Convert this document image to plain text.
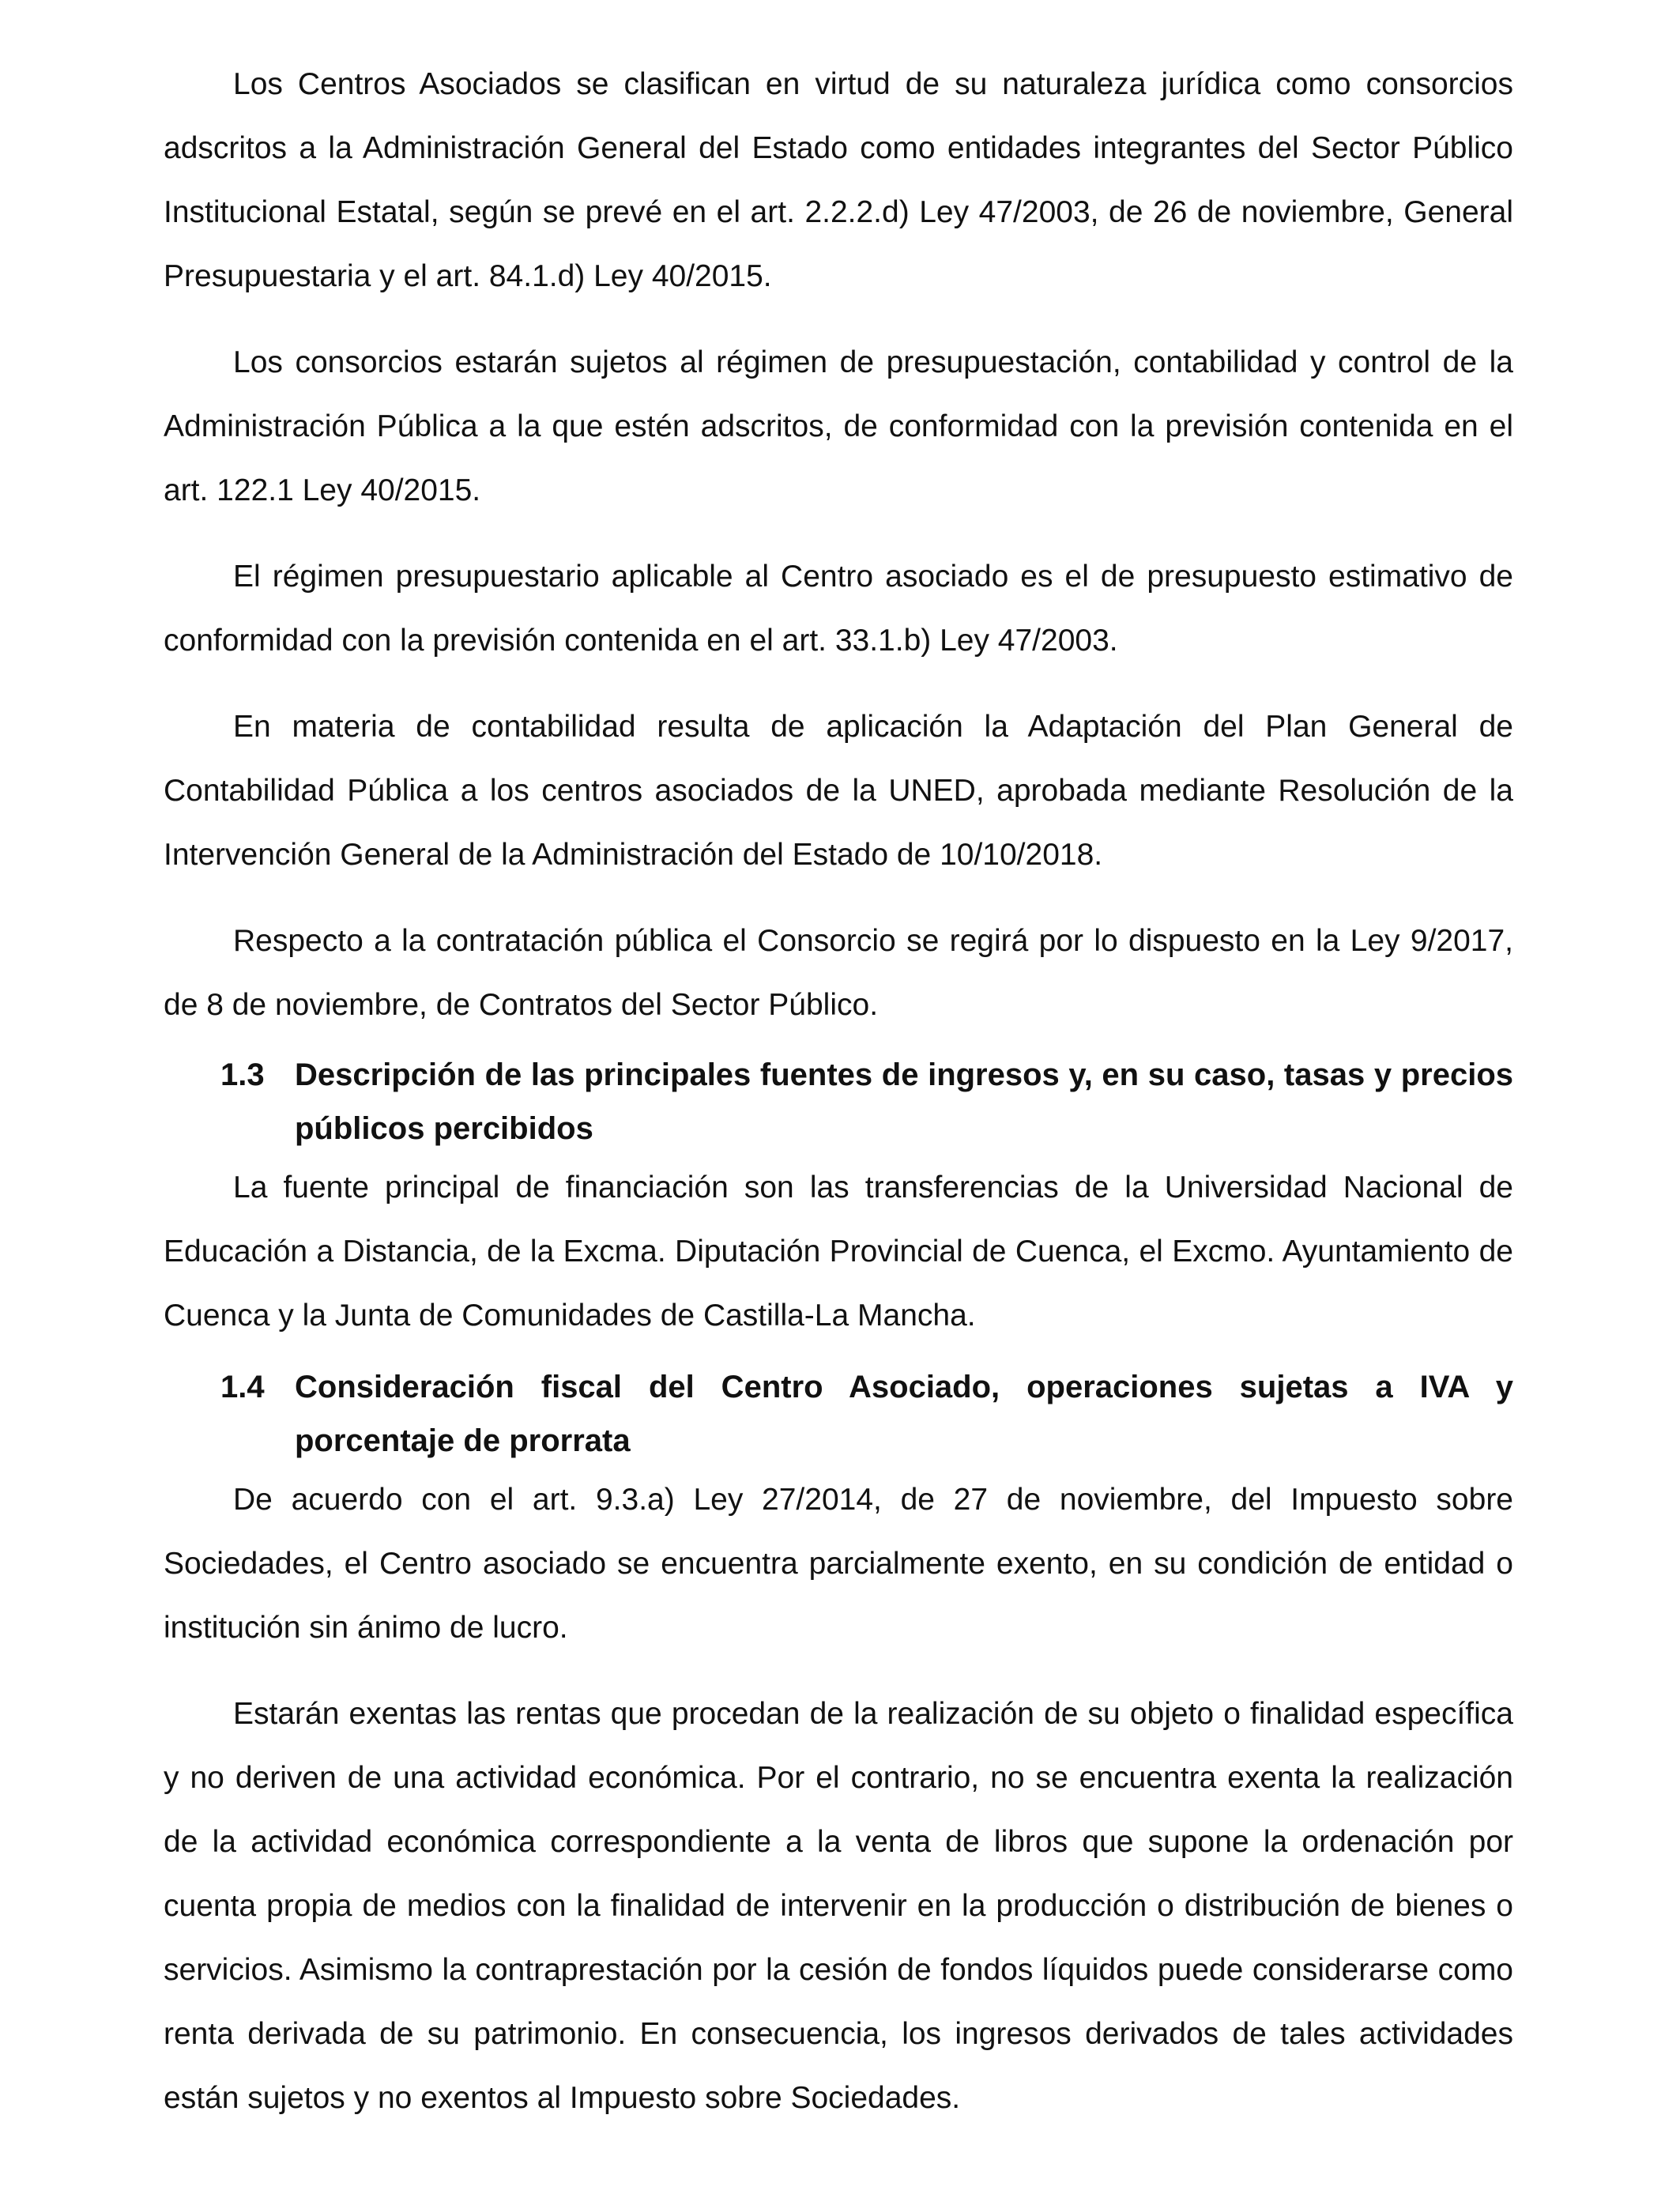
Los Centros Asociados se clasifican en virtud de su naturaleza jurídica como consorcios adscritos a la Administración General del Estado como entidades integrantes del Sector Público Institucional Estatal, según se prevé en el art. 2.2.2.d) Ley 47/2003, de 26 de noviembre, General Presupuestaria y el art. 84.1.d) Ley 40/2015.

Los consorcios estarán sujetos al régimen de presupuestación, contabilidad y control de la Administración Pública a la que estén adscritos, de conformidad con la previsión contenida en el art. 122.1 Ley 40/2015.

El régimen presupuestario aplicable al Centro asociado es el de presupuesto estimativo de conformidad con la previsión contenida en el art. 33.1.b) Ley 47/2003.

En materia de contabilidad resulta de aplicación la Adaptación del Plan General de Contabilidad Pública a los centros asociados de la UNED, aprobada mediante Resolución de la Intervención General de la Administración del Estado de 10/10/2018.

Respecto a la contratación pública el Consorcio se regirá por lo dispuesto en la Ley 9/2017, de 8 de noviembre, de Contratos del Sector Público.

1.3 Descripción de las principales fuentes de ingresos y, en su caso, tasas y precios públicos percibidos

La fuente principal de financiación son las transferencias de la Universidad Nacional de Educación a Distancia, de la Excma. Diputación Provincial de Cuenca, el Excmo. Ayuntamiento de Cuenca y la Junta de Comunidades de Castilla-La Mancha.

1.4 Consideración fiscal del Centro Asociado, operaciones sujetas a IVA y porcentaje de prorrata

De acuerdo con el art. 9.3.a) Ley 27/2014, de 27 de noviembre, del Impuesto sobre Sociedades, el Centro asociado se encuentra parcialmente exento, en su condición de entidad o institución sin ánimo de lucro.

Estarán exentas las rentas que procedan de la realización de su objeto o finalidad específica y no deriven de una actividad económica. Por el contrario, no se encuentra exenta la realización de la actividad económica correspondiente a la venta de libros que supone la ordenación por cuenta propia de medios con la finalidad de intervenir en la producción o distribución de bienes o servicios. Asimismo la contraprestación por la cesión de fondos líquidos puede considerarse como renta derivada de su patrimonio. En consecuencia, los ingresos derivados de tales actividades están sujetos y no exentos al Impuesto sobre Sociedades.
